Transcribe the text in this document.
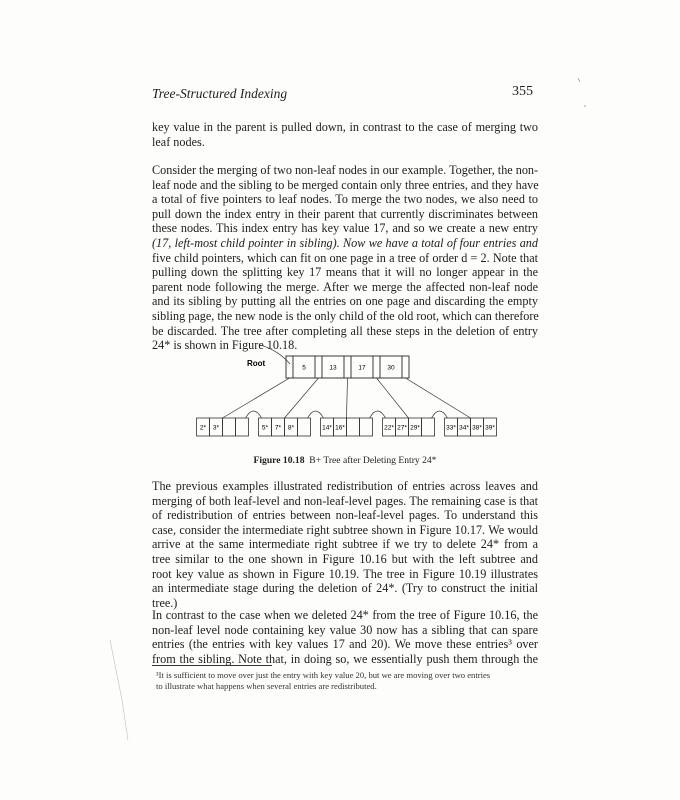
Tree-Structured Indexing	355

key value in the parent is pulled down, in contrast to the case of merging two
leaf nodes.

Consider the merging of two non-leaf nodes in our example. Together, the non-
leaf node and the sibling to be merged contain only three entries, and they have
a total of five pointers to leaf nodes. To merge the two nodes, we also need to
pull down the index entry in their parent that currently discriminates between
these nodes. This index entry has key value 17, and so we create a new entry
(17, left-most child pointer in sibling). Now we have a total of four entries and
five child pointers, which can fit on one page in a tree of order d = 2. Note that
pulling down the splitting key 17 means that it will no longer appear in the
parent node following the merge. After we merge the affected non-leaf node
and its sibling by putting all the entries on one page and discarding the empty
sibling page, the new node is the only child of the old root, which can therefore
be discarded. The tree after completing all these steps in the deletion of entry
24* is shown in Figure 10.18.

Root	5	13	17	30
2* 3*	5* 7* 8*	14* 16*	22* 27* 29*	33* 34* 38* 39*
Figure 10.18 B+ Tree after Deleting Entry 24*

The previous examples illustrated redistribution of entries across leaves and
merging of both leaf-level and non-leaf-level pages. The remaining case is that
of redistribution of entries between non-leaf-level pages. To understand this
case, consider the intermediate right subtree shown in Figure 10.17. We would
arrive at the same intermediate right subtree if we try to delete 24* from a
tree similar to the one shown in Figure 10.16 but with the left subtree and
root key value as shown in Figure 10.19. The tree in Figure 10.19 illustrates
an intermediate stage during the deletion of 24*. (Try to construct the initial
tree.)

In contrast to the case when we deleted 24* from the tree of Figure 10.16, the
non-leaf level node containing key value 30 now has a sibling that can spare
entries (the entries with key values 17 and 20). We move these entries³ over
from the sibling. Note that, in doing so, we essentially push them through the

³It is sufficient to move over just the entry with key value 20, but we are moving over two entries
to illustrate what happens when several entries are redistributed.
